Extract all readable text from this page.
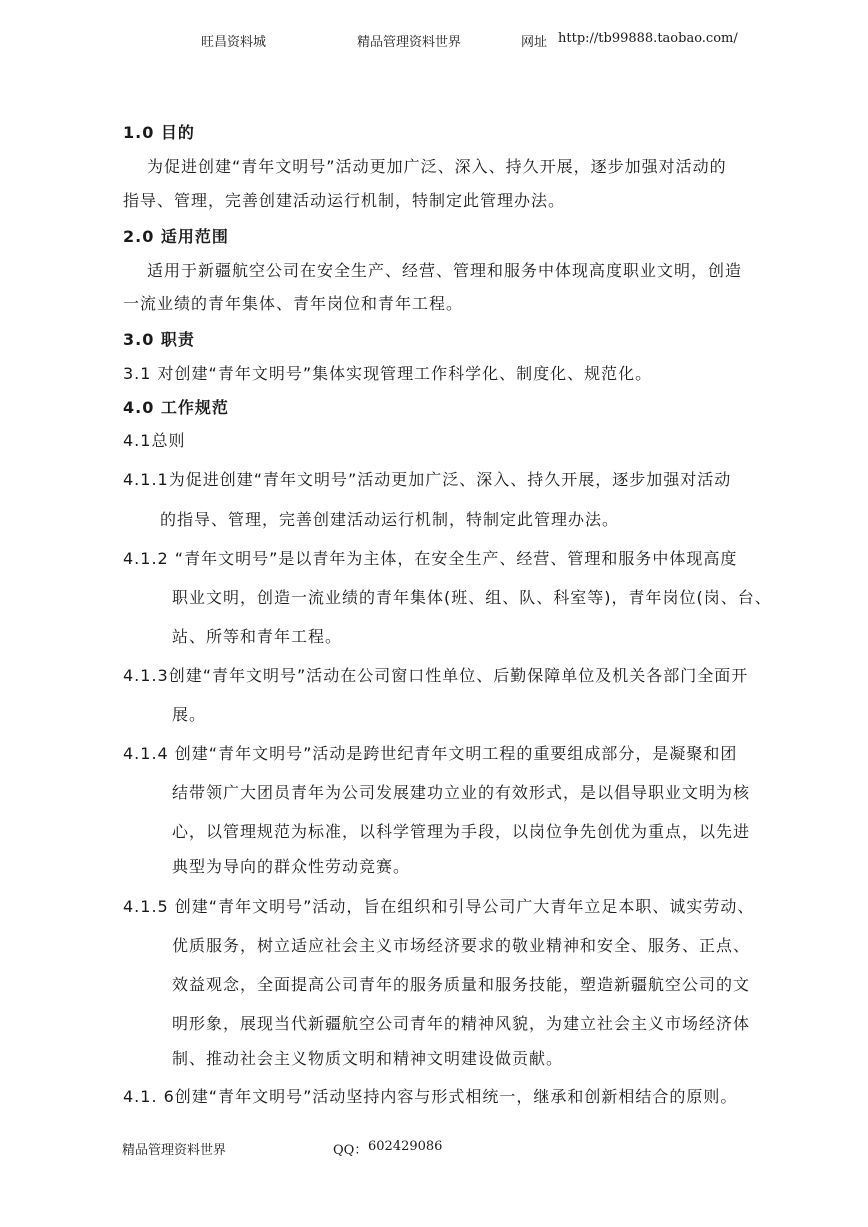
旺昌资料城	精品管理资料世界	网址 http://tb99888.taobao.com/
1.0 目的
为促进创建“青年文明号”活动更加广泛、深入、持久开展，逐步加强对活动的
指导、管理，完善创建活动运行机制，特制定此管理办法。
2.0 适用范围
适用于新疆航空公司在安全生产、经营、管理和服务中体现高度职业文明，创造
一流业绩的青年集体、青年岗位和青年工程。
3.0 职责
3.1 对创建“青年文明号”集体实现管理工作科学化、制度化、规范化。
4.0 工作规范
4.1总则
4.1.1为促进创建“青年文明号”活动更加广泛、深入、持久开展，逐步加强对活动
的指导、管理，完善创建活动运行机制，特制定此管理办法。
4.1.2 “青年文明号”是以青年为主体，在安全生产、经营、管理和服务中体现高度
职业文明，创造一流业绩的青年集体(班、组、队、科室等)，青年岗位(岗、台、
站、所等和青年工程。
4.1.3创建“青年文明号”活动在公司窗口性单位、后勤保障单位及机关各部门全面开
展。
4.1.4 创建“青年文明号”活动是跨世纪青年文明工程的重要组成部分，是凝聚和团
结带领广大团员青年为公司发展建功立业的有效形式，是以倡导职业文明为核
心，以管理规范为标准，以科学管理为手段，以岗位争先创优为重点，以先进
典型为导向的群众性劳动竞赛。
4.1.5 创建“青年文明号”活动，旨在组织和引导公司广大青年立足本职、诚实劳动、
优质服务，树立适应社会主义市场经济要求的敬业精神和安全、服务、正点、
效益观念，全面提高公司青年的服务质量和服务技能，塑造新疆航空公司的文
明形象，展现当代新疆航空公司青年的精神风貌，为建立社会主义市场经济体
制、推动社会主义物质文明和精神文明建设做贡献。
4.1. 6创建“青年文明号”活动坚持内容与形式相统一，继承和创新相结合的原则。
精品管理资料世界	QQ： 602429086
